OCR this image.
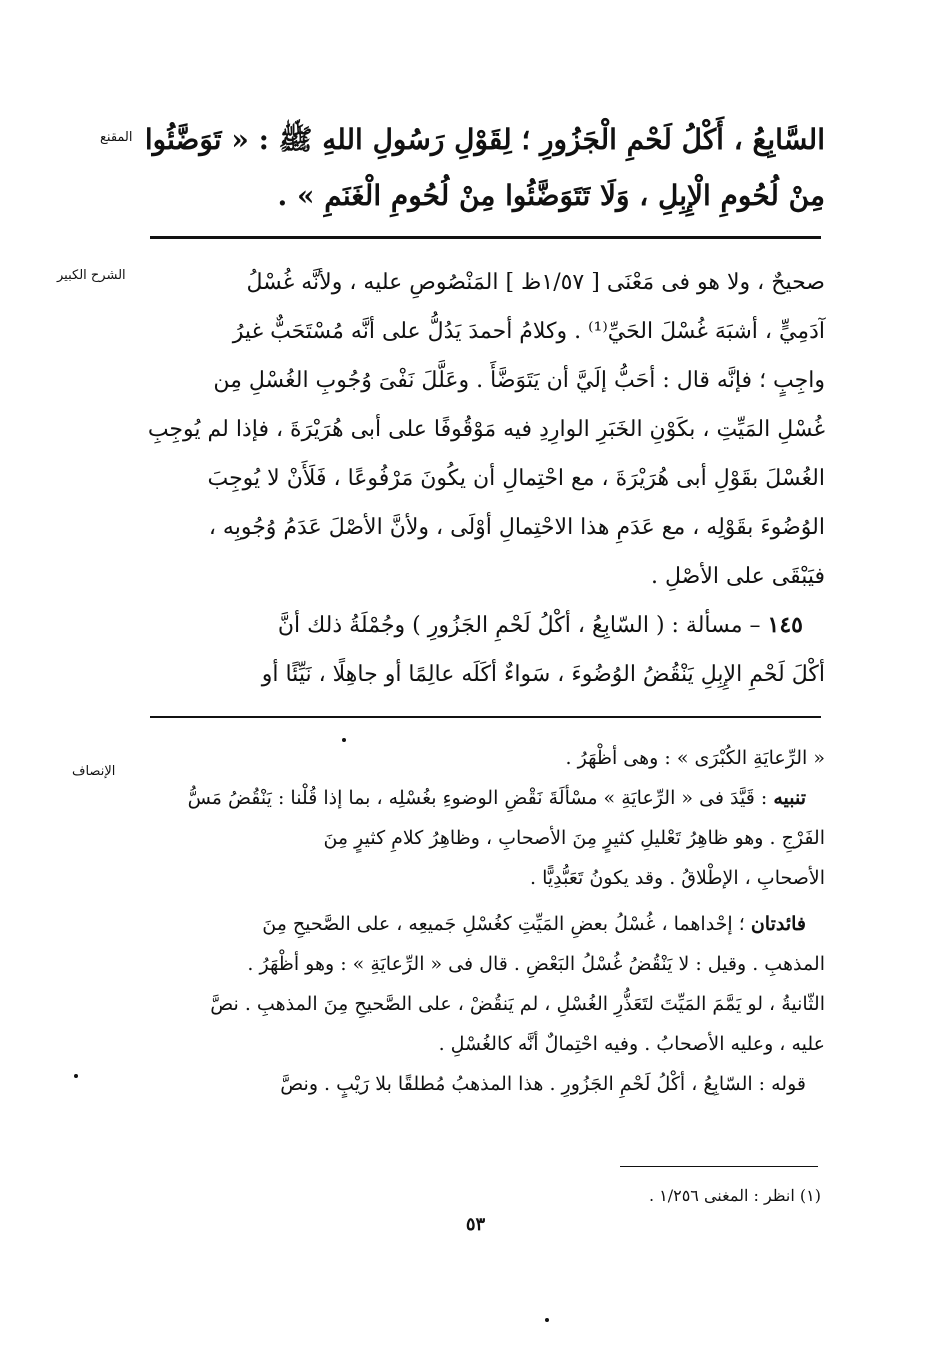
المقنع السَّابِعُ ، أَكْلُ لَحْمِ الْجَزُورِ ؛ لِقَوْلِ رَسُولِ اللهِ ﷺ : « تَوَضَّئُوا
مِنْ لُحُومِ الْإِبِلِ ، وَلَا تَتَوَضَّئُوا مِنْ لُحُومِ الْغَنَمِ » .
الشرح الكبير	صحيحٌ ، ولا هو فى مَعْنَى [ ١/٥٧ظ ] المَنْصُوصِ عليه ، ولأنَّه غُسْلُ
آدَمِيٍّ ، أشبَهَ غُسْلَ الحَيِّ⁽¹⁾ . وكلامُ أحمدَ يَدُلُّ على أنَّه مُسْتَحَبٌّ غيرُ
واجِبٍ ؛ فإنَّه قال : أحَبُّ إلَيَّ أن يَتَوَضَّأَ . وعَلَّلَ نَفْىَ وُجُوبِ الغُسْلِ مِن
غُسْلِ المَيِّتِ ، بكَوْنِ الخَبَرِ الوارِدِ فيه مَوْقُوفًا على أبى هُرَيْرَةَ ، فإذا لم يُوجِبِ
الغُسْلَ بقَوْلِ أبى هُرَيْرَةَ ، مع احْتِمالِ أن يكُونَ مَرْفُوعًا ، فَلَأَنْ لا يُوجِبَ
الوُضُوءَ بقَوْلِه ، مع عَدَمِ هذا الاحْتِمالِ أوْلَى ، ولأنَّ الأصْلَ عَدَمُ وُجُوبِه ،
فيَبْقَى على الأصْلِ .
 ١٤٥ – مسألة : ( السّابِعُ ، أكْلُ لَحْمِ الجَزُورِ ) وجُمْلَةُ ذلك أنَّ
أكْلَ لَحْمِ الإِبِلِ يَنْقُضُ الوُضُوءَ ، سَواءٌ أكَلَه عالِمًا أو جاهِلًا ، نَيِّئًا أو
الإنصاف
« الرِّعايَةِ الكُبْرَى » : وهى أظْهَرُ .
 تنبيه : قَيَّدَ فى « الرِّعايَةِ » مسْألَةَ نَقْضِ الوضوءِ بغُسْلِه ، بما إذا قُلْنا : يَنْقُضُ مَسُّ
الفَرْجِ . وهو ظاهِرُ تَعْليلِ كثيرٍ مِنَ الأصحابِ ، وظاهِرُ كلامِ كثيرٍ مِنَ
الأصحابِ ، الإطْلاقُ . وقد يكونُ تَعَبُّدِيًّا .
 فائدتان ؛ إحْداهما ، غُسْلُ بعضِ المَيِّتِ كغُسْلِ جَميعِه ، على الصَّحيحِ مِنَ
المذهبِ . وقيل : لا يَنْقُضُ غُسْلُ البَعْضِ . قال فى « الرِّعايَةِ » : وهو أظْهَرُ .
الثّانيةُ ، لو يَمَّمَ المَيِّتَ لتَعَذُّرِ الغُسْلِ ، لم يَنقُضْ ، على الصَّحيحِ مِنَ المذهبِ . نصَّ
عليه ، وعليه الأصحابُ . وفيه احْتِمالٌ أنَّه كالغُسْلِ .
 قوله : السّابِعُ ، أكْلُ لَحْمِ الجَزُورِ . هذا المذهبُ مُطلقًا بلا رَيْبٍ . ونصَّ
(١) انظر : المغنى ١/٢٥٦ .
٥٣
